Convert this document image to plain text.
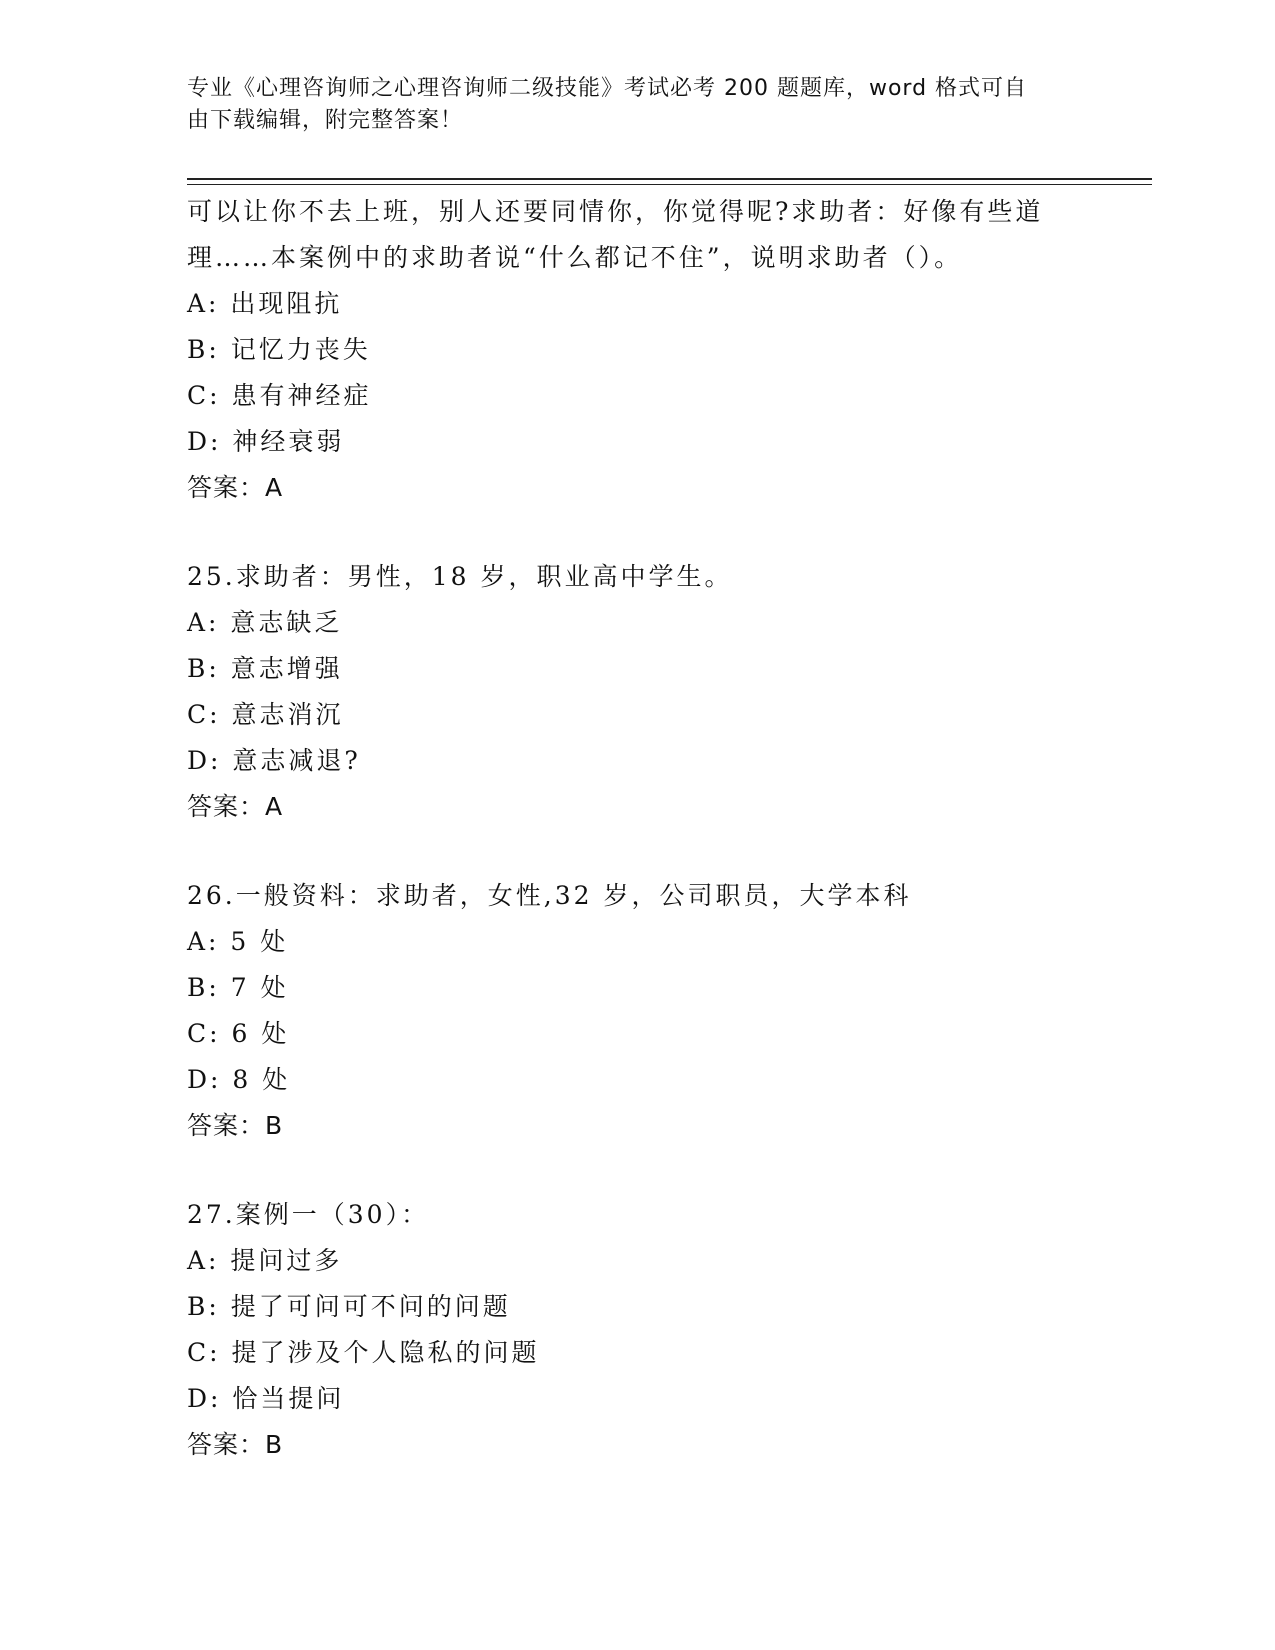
专业《心理咨询师之心理咨询师二级技能》考试必考 200 题题库，word 格式可自
由下载编辑，附完整答案！
可以让你不去上班，别人还要同情你，你觉得呢?求助者：好像有些道
理……本案例中的求助者说“什么都记不住”，说明求助者（）。
A: 出现阻抗
B: 记忆力丧失
C: 患有神经症
D: 神经衰弱
答案：A
25.求助者：男性，18 岁，职业高中学生。
A: 意志缺乏
B: 意志增强
C: 意志消沉
D: 意志减退?
答案：A
26.一般资料：求助者，女性,32 岁，公司职员，大学本科
A: 5 处
B: 7 处
C: 6 处
D: 8 处
答案：B
27.案例一（30）：
A: 提问过多
B: 提了可问可不问的问题
C: 提了涉及个人隐私的问题
D: 恰当提问
答案：B
